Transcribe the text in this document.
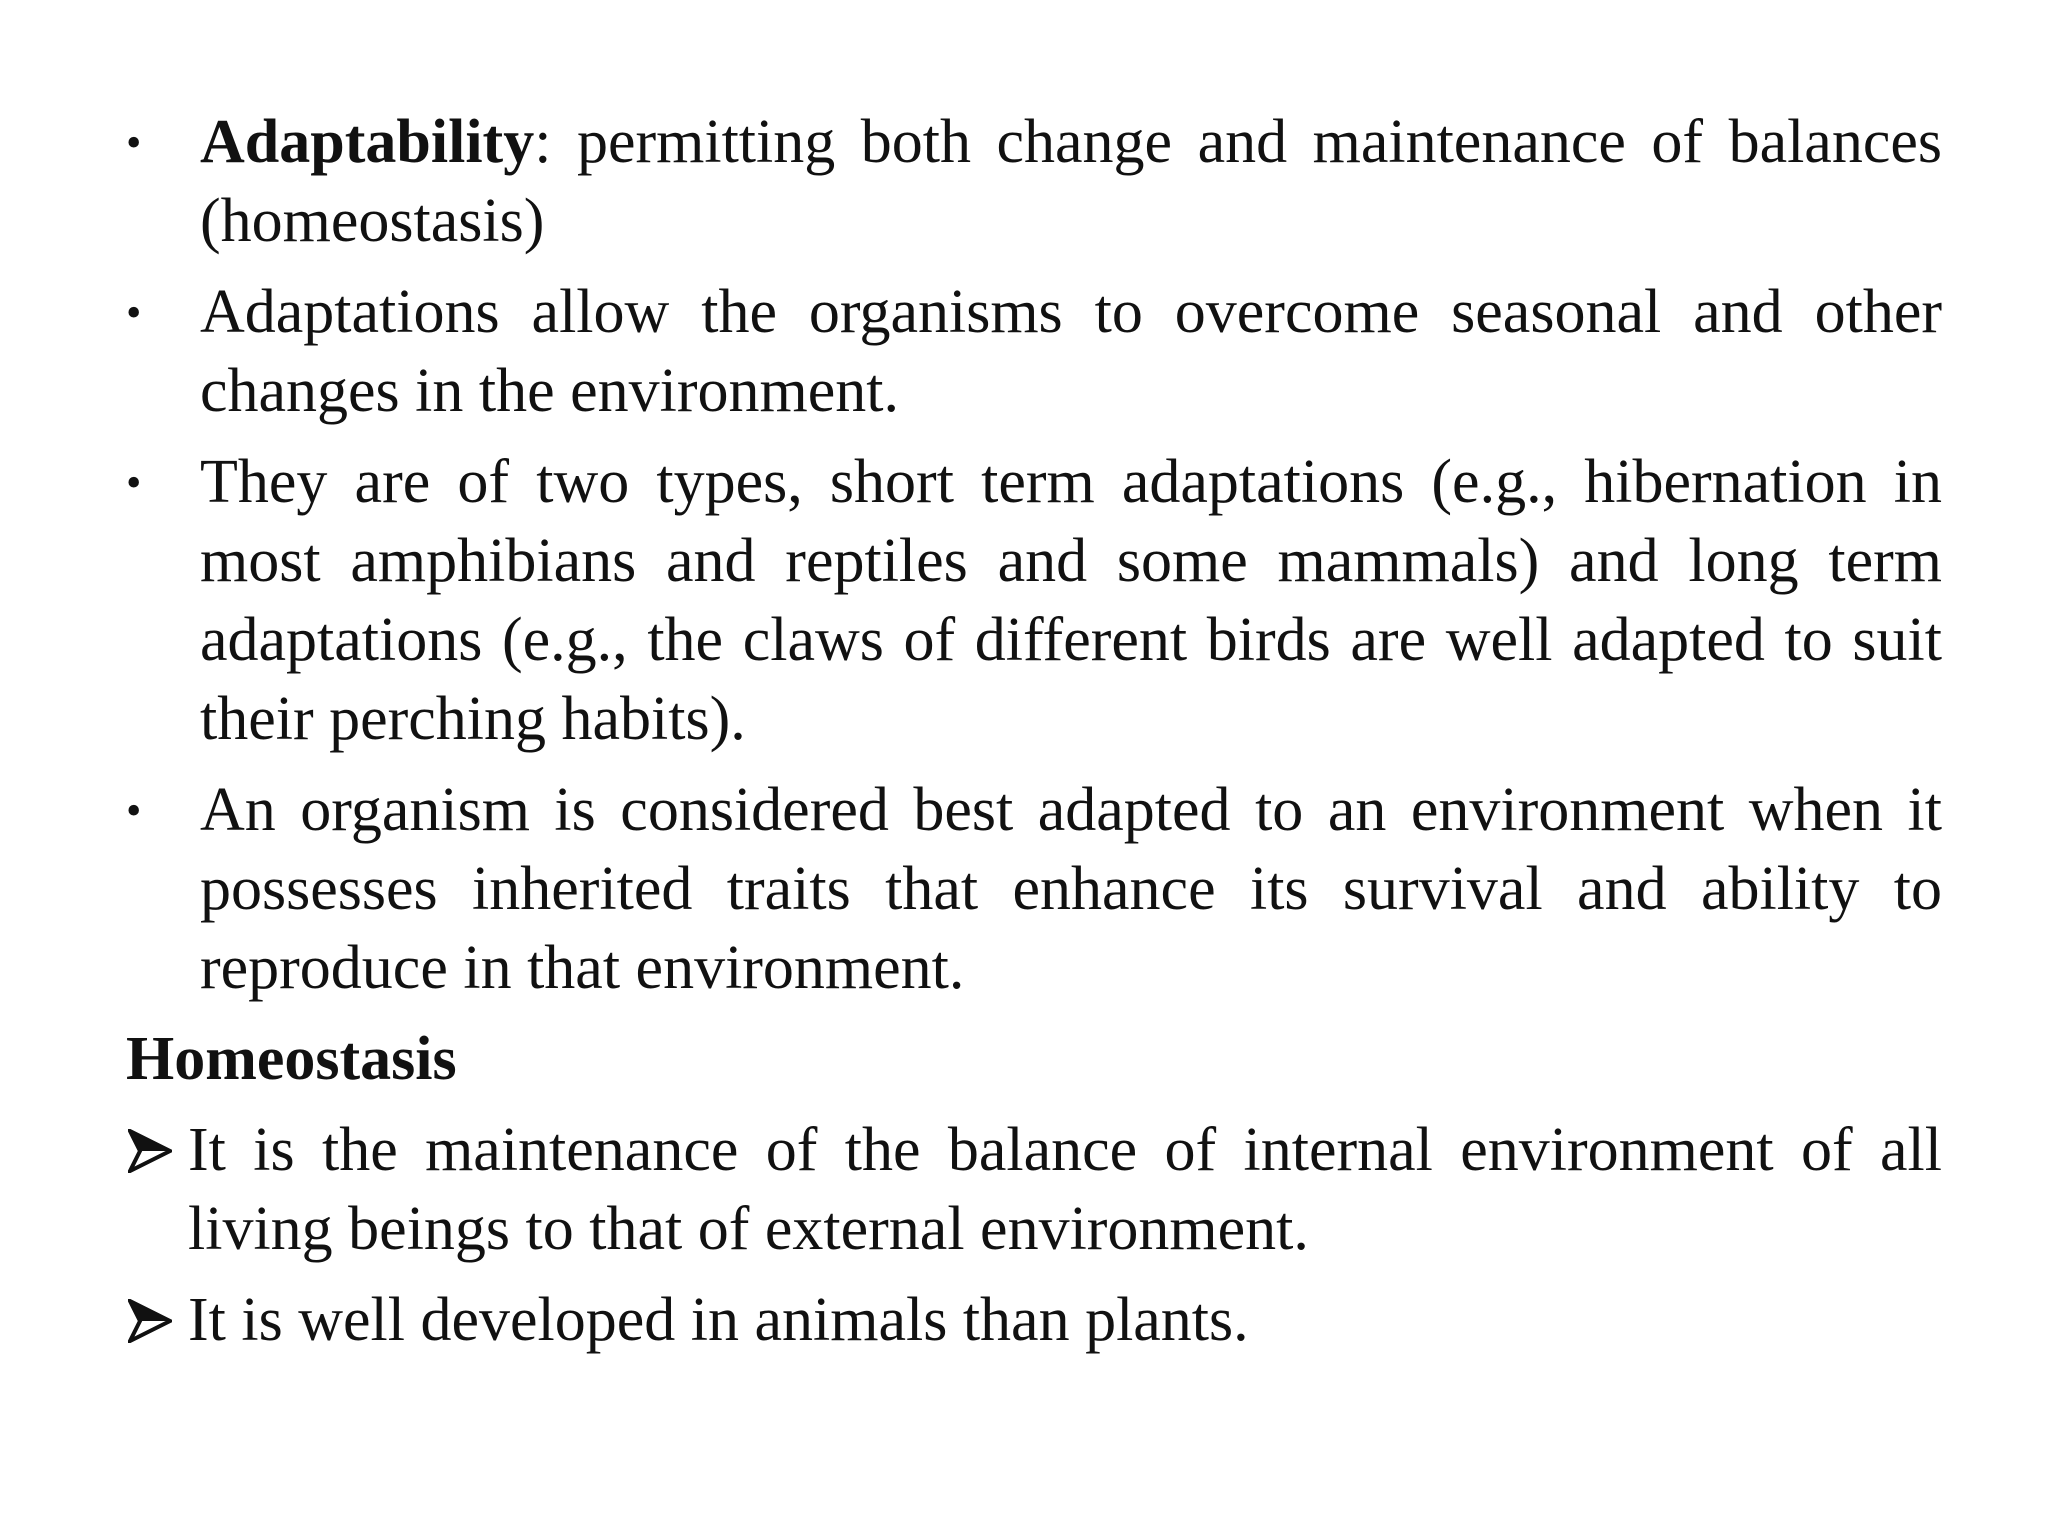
• Adaptability: permitting both change and maintenance of balances (homeostasis)
• Adaptations allow the organisms to overcome seasonal and other changes in the environment.
• They are of two types, short term adaptations (e.g., hibernation in most amphibians and reptiles and some mammals) and long term adaptations (e.g., the claws of different birds are well adapted to suit their perching habits).
• An organism is considered best adapted to an environment when it possesses inherited traits that enhance its survival and ability to reproduce in that environment.
Homeostasis
It is the maintenance of the balance of internal environment of all living beings to that of external environment.
It is well developed in animals than plants.
